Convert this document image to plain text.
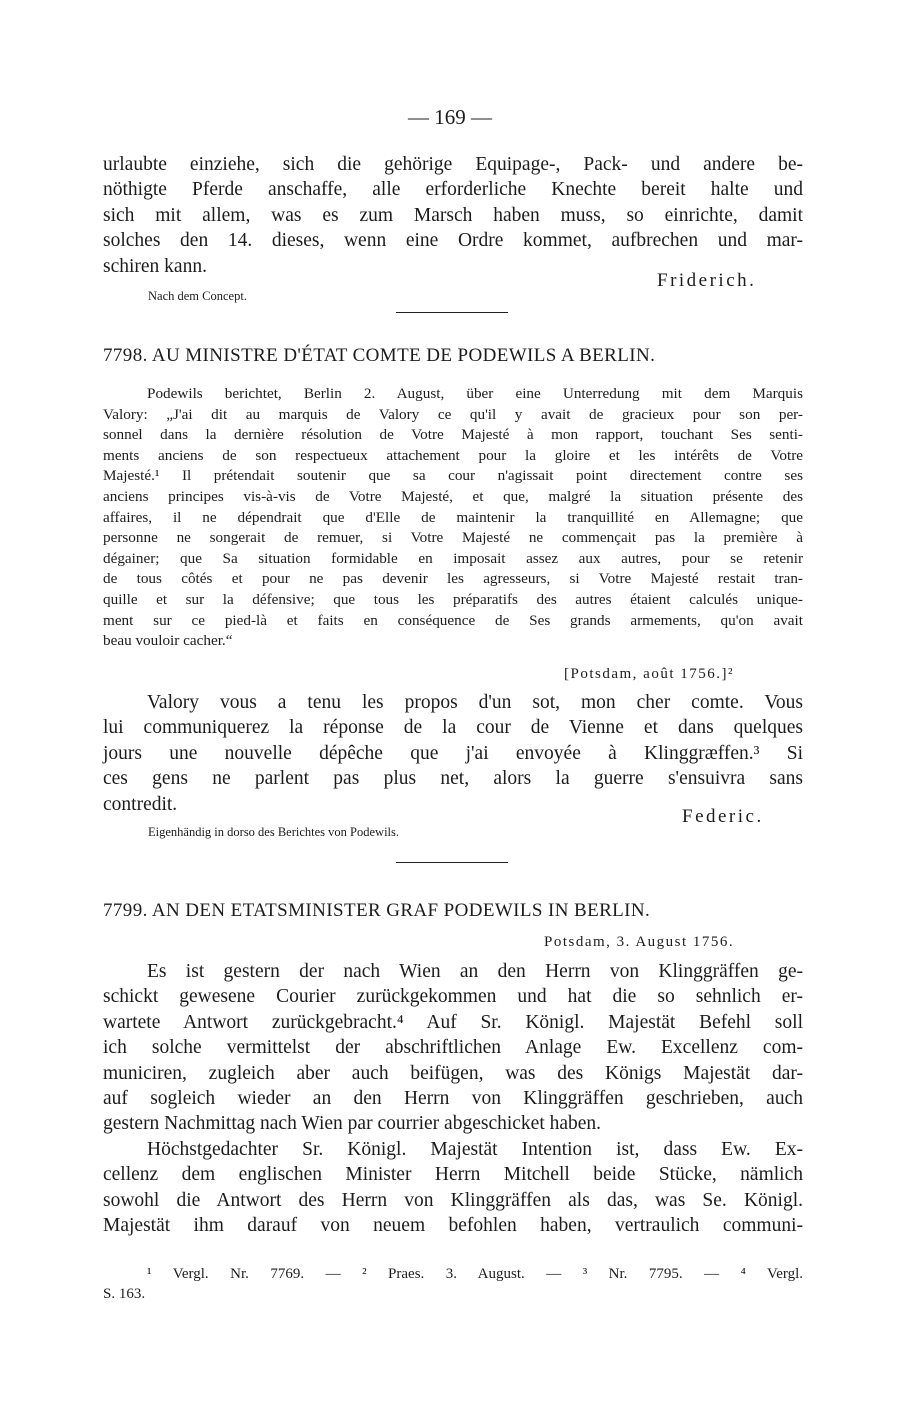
— 169 —

urlaubte einziehe, sich die gehörige Equipage-, Pack- und andere be-

nöthigte Pferde anschaffe, alle erforderliche Knechte bereit halte und

sich mit allem, was es zum Marsch haben muss, so einrichte, damit

solches den 14. dieses, wenn eine Ordre kommet, aufbrechen und mar-

schiren kann.

Friderich.
Nach dem Concept.
7798. AU MINISTRE D'ÉTAT COMTE DE PODEWILS A BERLIN.

Podewils berichtet, Berlin 2. August, über eine Unterredung mit dem Marquis

Valory: „J'ai dit au marquis de Valory ce qu'il y avait de gracieux pour son per-

sonnel dans la dernière résolution de Votre Majesté à mon rapport, touchant Ses senti-

ments anciens de son respectueux attachement pour la gloire et les intérêts de Votre

Majesté.¹ Il prétendait soutenir que sa cour n'agissait point directement contre ses

anciens principes vis-à-vis de Votre Majesté, et que, malgré la situation présente des

affaires, il ne dépendrait que d'Elle de maintenir la tranquillité en Allemagne; que

personne ne songerait de remuer, si Votre Majesté ne commençait pas la première à

dégainer; que Sa situation formidable en imposait assez aux autres, pour se retenir

de tous côtés et pour ne pas devenir les agresseurs, si Votre Majesté restait tran-

quille et sur la défensive; que tous les préparatifs des autres étaient calculés unique-

ment sur ce pied-là et faits en conséquence de Ses grands armements, qu'on avait

beau vouloir cacher.“

[Potsdam, août 1756.]²

Valory vous a tenu les propos d'un sot, mon cher comte. Vous

lui communiquerez la réponse de la cour de Vienne et dans quelques

jours une nouvelle dépêche que j'ai envoyée à Klinggræffen.³ Si

ces gens ne parlent pas plus net, alors la guerre s'ensuivra sans

contredit.

Federic.
Eigenhändig in dorso des Berichtes von Podewils.
7799. AN DEN ETATSMINISTER GRAF PODEWILS IN BERLIN.
Potsdam, 3. August 1756.

Es ist gestern der nach Wien an den Herrn von Klinggräffen ge-

schickt gewesene Courier zurückgekommen und hat die so sehnlich er-

wartete Antwort zurückgebracht.⁴ Auf Sr. Königl. Majestät Befehl soll

ich solche vermittelst der abschriftlichen Anlage Ew. Excellenz com-

municiren, zugleich aber auch beifügen, was des Königs Majestät dar-

auf sogleich wieder an den Herrn von Klinggräffen geschrieben, auch

gestern Nachmittag nach Wien par courrier abgeschicket haben.

Höchstgedachter Sr. Königl. Majestät Intention ist, dass Ew. Ex-

cellenz dem englischen Minister Herrn Mitchell beide Stücke, nämlich

sowohl die Antwort des Herrn von Klinggräffen als das, was Se. Königl.

Majestät ihm darauf von neuem befohlen haben, vertraulich communi-

¹ Vergl. Nr. 7769. — ² Praes. 3. August. — ³ Nr. 7795. — ⁴ Vergl.

S. 163.
